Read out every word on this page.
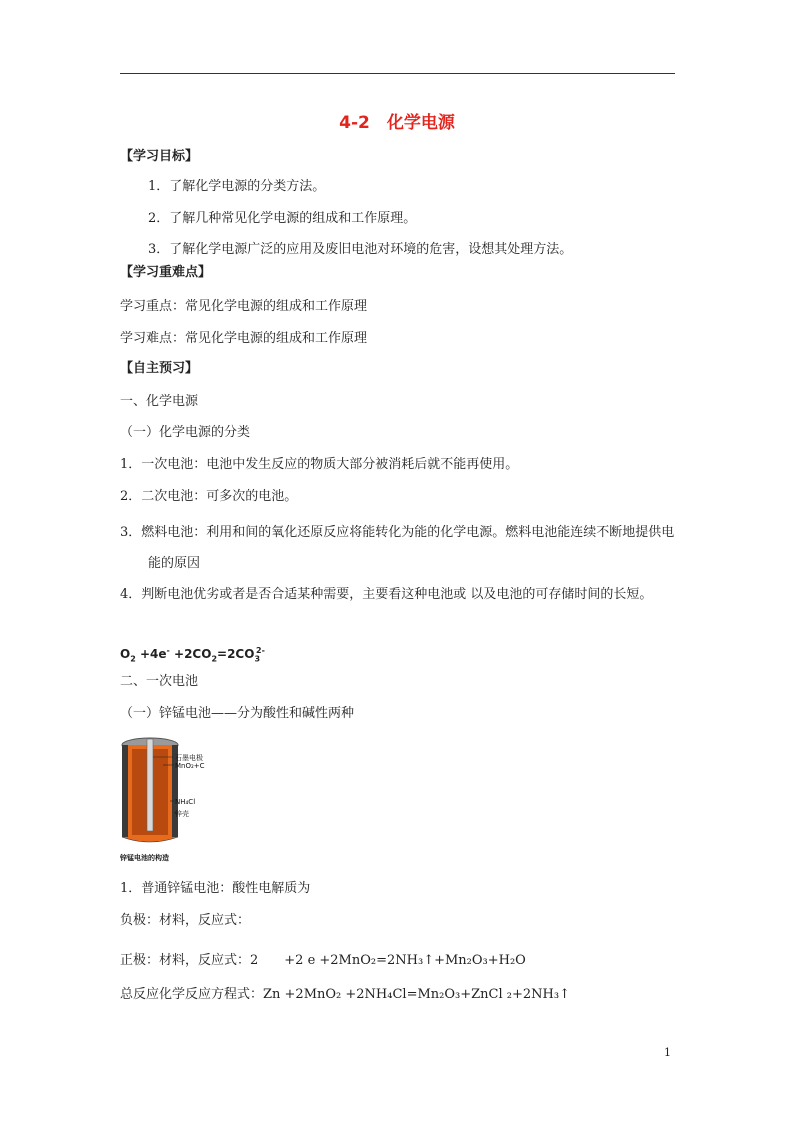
4-2　化学电源
【学习目标】
1．了解化学电源的分类方法。
2．了解几种常见化学电源的组成和工作原理。
3．了解化学电源广泛的应用及废旧电池对环境的危害，设想其处理方法。
【学习重难点】
学习重点：常见化学电源的组成和工作原理
学习难点：常见化学电源的组成和工作原理
【自主预习】
一、化学电源
（一）化学电源的分类
1．一次电池：电池中发生反应的物质大部分被消耗后就不能再使用。
2．二次电池：可多次的电池。
3．燃料电池：利用和间的氧化还原反应将能转化为能的化学电源。燃料电池能连续不断地提供电能的原因
4．判断电池优劣或者是否合适某种需要，主要看这种电池或 以及电池的可存储时间的长短。
$O_2 +4e^- +2CO_2=2CO_3^{2-}$
二、一次电池
（一）锌锰电池——分为酸性和碱性两种
石墨电极
MnO₂+C
NH₄Cl
锌壳
锌锰电池的构造
1．普通锌锰电池：酸性电解质为
负极：材料，反应式：
正极：材料，反应式：2　　+2 e +2MnO₂=2NH₃↑+Mn₂O₃+H₂O
总反应化学反应方程式：Zn +2MnO₂ +2NH₄Cl=Mn₂O₃+ZnCl ₂+2NH₃↑
1
